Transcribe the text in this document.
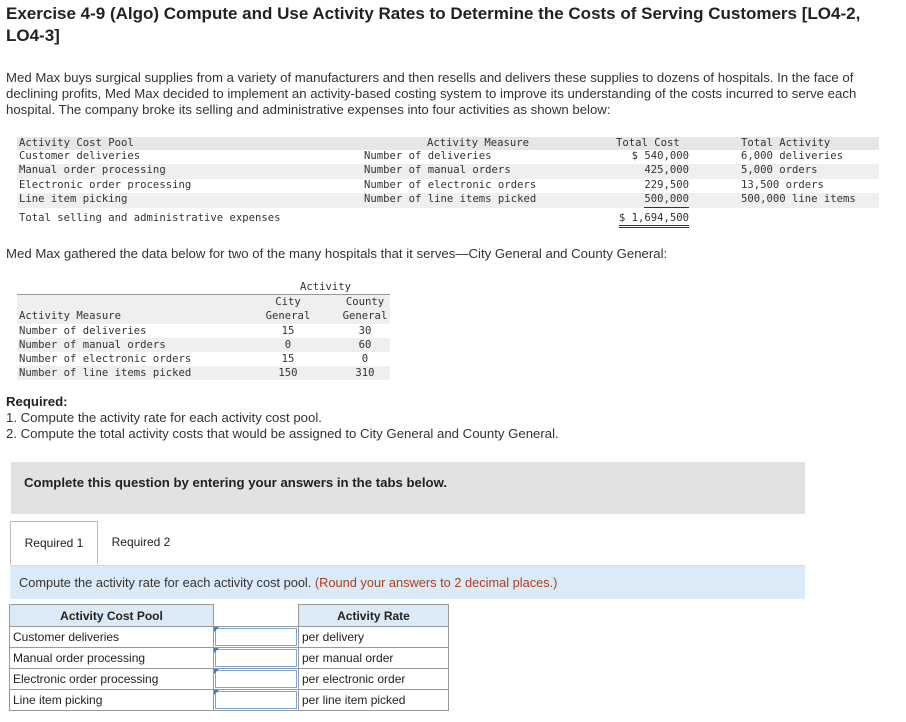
Exercise 4-9 (Algo) Compute and Use Activity Rates to Determine the Costs of Serving Customers [LO4-2, LO4-3]
Med Max buys surgical supplies from a variety of manufacturers and then resells and delivers these supplies to dozens of hospitals. In the face of declining profits, Med Max decided to implement an activity-based costing system to improve its understanding of the costs incurred to serve each hospital. The company broke its selling and administrative expenses into four activities as shown below:
Activity Cost Pool	Activity Measure	Total Cost	Total Activity
Customer deliveries	Number of deliveries	$ 540,000	6,000 deliveries
Manual order processing	Number of manual orders	425,000	5,000 orders
Electronic order processing	Number of electronic orders	229,500	13,500 orders
Line item picking	Number of line items picked	500,000	500,000 line items
Total selling and administrative expenses	$ 1,694,500
Med Max gathered the data below for two of the many hospitals that it serves—City General and County General:
Activity
City	County
Activity Measure	General	General
Number of deliveries	15	30
Number of manual orders	0	60
Number of electronic orders	15	0
Number of line items picked	150	310
Required:
1. Compute the activity rate for each activity cost pool.
2. Compute the total activity costs that would be assigned to City General and County General.
Complete this question by entering your answers in the tabs below.
Required 1	Required 2
Compute the activity rate for each activity cost pool. (Round your answers to 2 decimal places.)
Activity Cost Pool		Activity Rate
Customer deliveries		per delivery
Manual order processing		per manual order
Electronic order processing		per electronic order
Line item picking		per line item picked
